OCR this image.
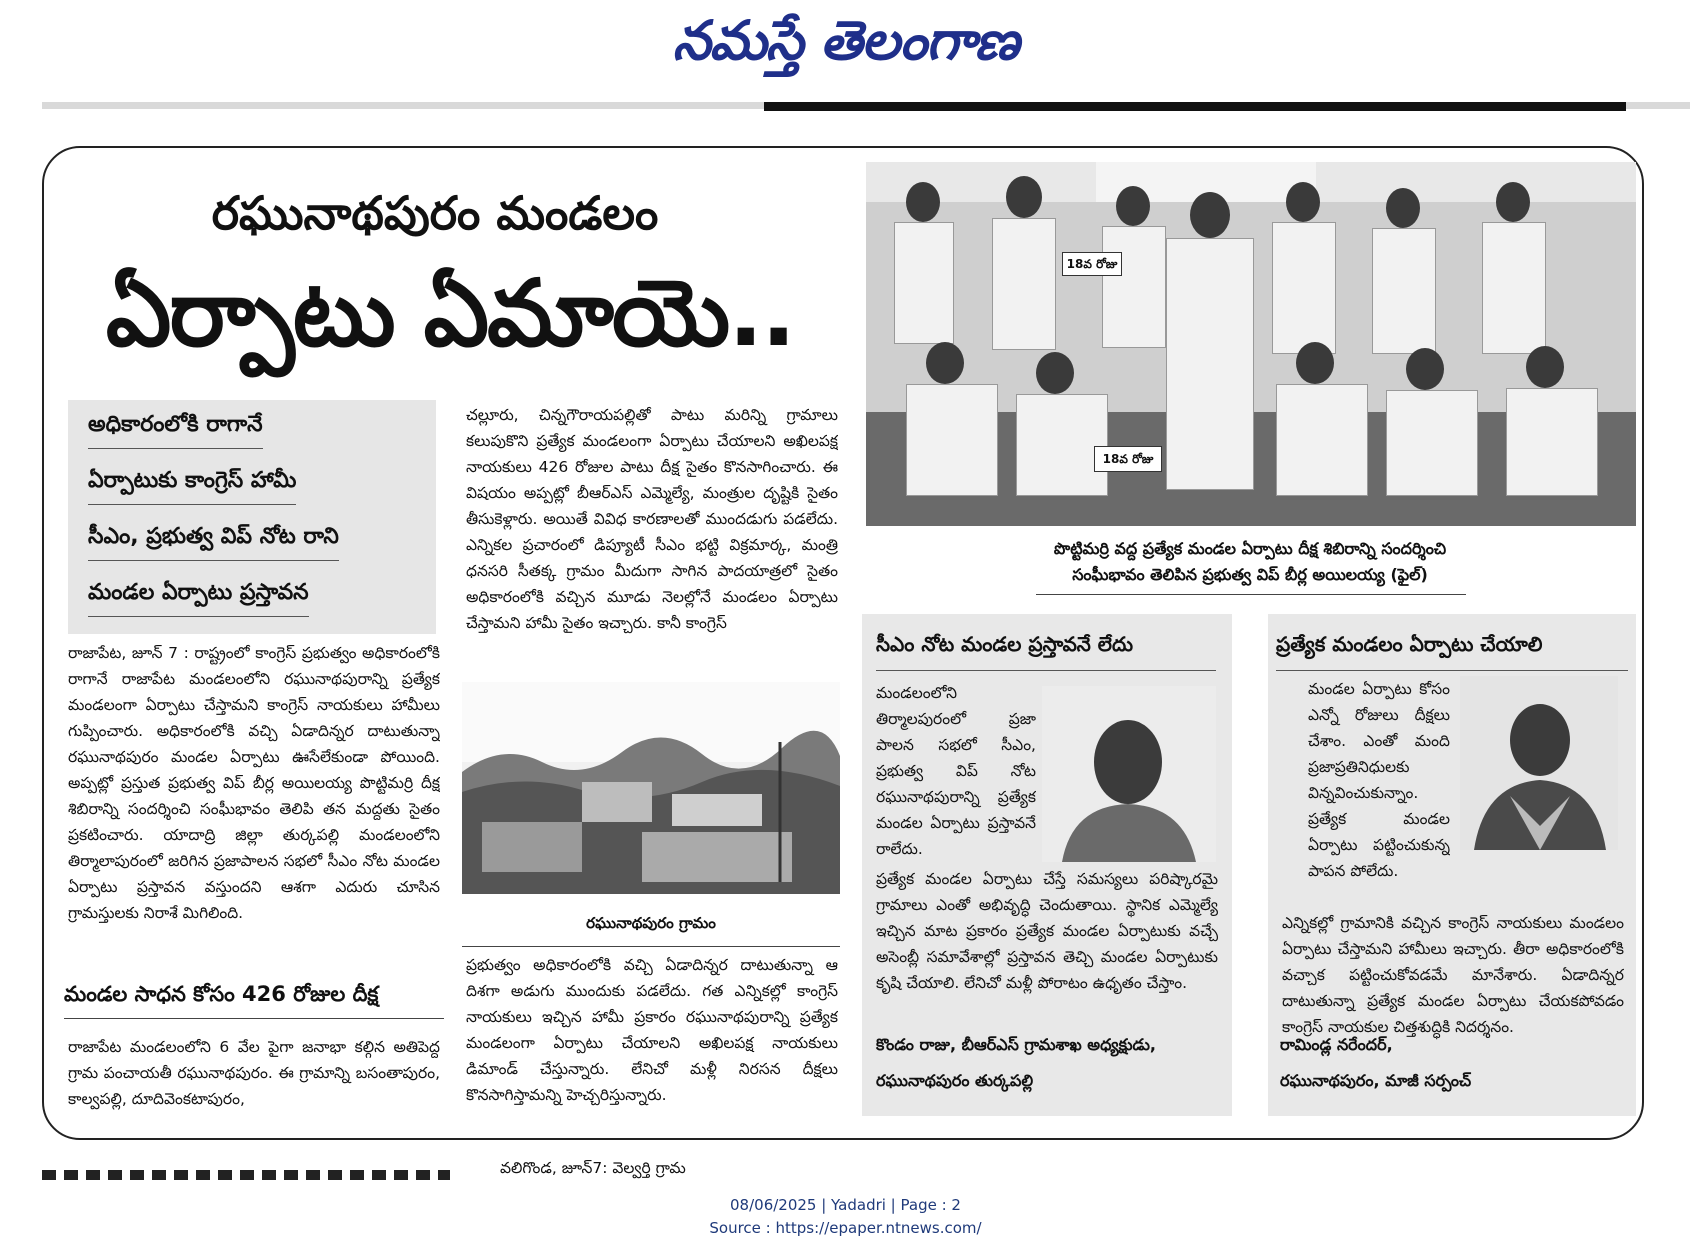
నమస్తే తెలంగాణ
రఘునాథపురం మండలం
ఏర్పాటు ఏమాయె..
అధికారంలోకి రాగానే
ఏర్పాటుకు కాంగ్రెస్ హామీ
సీఎం, ప్రభుత్వ విప్ నోట రాని
మండల ఏర్పాటు ప్రస్తావన
రాజాపేట, జూన్ 7 : రాష్ట్రంలో కాంగ్రెస్ ప్రభుత్వం అధికారంలోకి రాగానే రాజాపేట మండలంలోని రఘునాథపురాన్ని ప్రత్యేక మండలంగా ఏర్పాటు చేస్తామని కాంగ్రెస్ నాయకులు హామీలు గుప్పించారు. అధికారంలోకి వచ్చి ఏడాదిన్నర దాటుతున్నా రఘునాథపురం మండల ఏర్పాటు ఊసేలేకుండా పోయింది. అప్పట్లో ప్రస్తుత ప్రభుత్వ విప్ బీర్ల అయిలయ్య పొట్టిమర్రి దీక్ష శిబిరాన్ని సందర్శించి సంఘీభావం తెలిపి తన మద్దతు సైతం ప్రకటించారు. యాదాద్రి జిల్లా తుర్కపల్లి మండలంలోని తిర్మాలాపురంలో జరిగిన ప్రజాపాలన సభలో సీఎం నోట మండల ఏర్పాటు ప్రస్తావన వస్తుందని ఆశగా ఎదురు చూసిన గ్రామస్తులకు నిరాశే మిగిలింది.
మండల సాధన కోసం 426 రోజుల దీక్ష
రాజాపేట మండలంలోని 6 వేల పైగా జనాభా కల్గిన అతిపెద్ద గ్రామ పంచాయతీ రఘునాథపురం. ఈ గ్రామాన్ని బసంతాపురం, కాల్వపల్లి, దూదివెంకటాపురం,
చల్లూరు, చిన్నగౌరాయపల్లితో పాటు మరిన్ని గ్రామాలు కలుపుకొని ప్రత్యేక మండలంగా ఏర్పాటు చేయాలని అఖిలపక్ష నాయకులు 426 రోజుల పాటు దీక్ష సైతం కొనసాగించారు. ఈ విషయం అప్పట్లో బీఆర్ఎస్ ఎమ్మెల్యే, మంత్రుల దృష్టికి సైతం తీసుకెళ్లారు. అయితే వివిధ కారణాలతో ముందడుగు పడలేదు. ఎన్నికల ప్రచారంలో డిప్యూటీ సీఎం భట్టి విక్రమార్క, మంత్రి ధనసరి సీతక్క గ్రామం మీదుగా సాగిన పాదయాత్రలో సైతం అధికారంలోకి వచ్చిన మూడు నెలల్లోనే మండలం ఏర్పాటు చేస్తామని హామీ సైతం ఇచ్చారు. కానీ కాంగ్రెస్
రఘునాథపురం గ్రామం
ప్రభుత్వం అధికారంలోకి వచ్చి ఏడాదిన్నర దాటుతున్నా ఆ దిశగా అడుగు ముందుకు పడలేదు. గత ఎన్నికల్లో కాంగ్రెస్ నాయకులు ఇచ్చిన హామీ ప్రకారం రఘునాథపురాన్ని ప్రత్యేక మండలంగా ఏర్పాటు చేయాలని అఖిలపక్ష నాయకులు డిమాండ్ చేస్తున్నారు. లేనిచో మళ్లీ నిరసన దీక్షలు కొనసాగిస్తామన్ని హెచ్చరిస్తున్నారు.
18వ రోజు
18వ రోజు
పొట్టిమర్రి వద్ద ప్రత్యేక మండల ఏర్పాటు దీక్ష శిబిరాన్ని సందర్శించి
సంఘీభావం తెలిపిన ప్రభుత్వ విప్ బీర్ల అయిలయ్య (ఫైల్)
సీఎం నోట మండల ప్రస్తావనే లేదు
మండలంలోని తిర్మాలపురంలో ప్రజా పాలన సభలో సీఎం, ప్రభుత్వ విప్ నోట రఘునాథపురాన్ని ప్రత్యేక మండల ఏర్పాటు ప్రస్తావనే రాలేదు.
ప్రత్యేక మండల ఏర్పాటు చేస్తే సమస్యలు పరిష్కారమై గ్రామాలు ఎంతో అభివృద్ధి చెందుతాయి. స్థానిక ఎమ్మెల్యే ఇచ్చిన మాట ప్రకారం ప్రత్యేక మండల ఏర్పాటుకు వచ్చే అసెంబ్లీ సమావేశాల్లో ప్రస్తావన తెచ్చి మండల ఏర్పాటుకు కృషి చేయాలి. లేనిచో మళ్లీ పోరాటం ఉధృతం చేస్తాం.
కొండం రాజు, బీఆర్ఎస్ గ్రామశాఖ అధ్యక్షుడు,
రఘునాథపురం తుర్కపల్లి
ప్రత్యేక మండలం ఏర్పాటు చేయాలి
మండల ఏర్పాటు కోసం ఎన్నో రోజులు దీక్షలు చేశాం. ఎంతో మంది ప్రజాప్రతినిధులకు విన్నవించుకున్నాం. ప్రత్యేక మండల ఏర్పాటు పట్టించుకున్న పాపన పోలేదు.
ఎన్నికల్లో గ్రామానికి వచ్చిన కాంగ్రెస్ నాయకులు మండలం ఏర్పాటు చేస్తామని హామీలు ఇచ్చారు. తీరా అధికారంలోకి వచ్చాక పట్టించుకోవడమే మానేశారు. ఏడాదిన్నర దాటుతున్నా ప్రత్యేక మండల ఏర్పాటు చేయకపోవడం కాంగ్రెస్ నాయకుల చిత్తశుద్ధికి నిదర్శనం.
రామిండ్ల నరేందర్,
రఘునాథపురం, మాజీ సర్పంచ్
వలిగొండ, జూన్7: వెల్వర్తి గ్రామ
08/06/2025 | Yadadri | Page : 2
Source : https://epaper.ntnews.com/
